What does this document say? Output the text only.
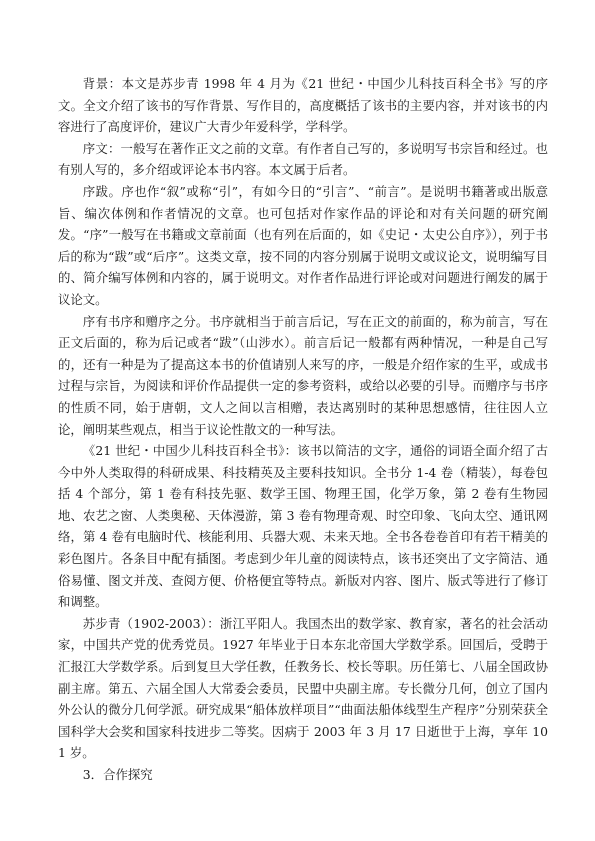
背景：本文是苏步青 1998 年 4 月为《21 世纪・中国少儿科技百科全书》写的序文。全文介绍了该书的写作背景、写作目的，高度概括了该书的主要内容，并对该书的内容进行了高度评价，建议广大青少年爱科学，学科学。

序文：一般写在著作正文之前的文章。有作者自己写的，多说明写书宗旨和经过。也有别人写的，多介绍或评论本书内容。本文属于后者。

序跋。序也作“叙”或称“引”，有如今日的“引言”、“前言”。是说明书籍著或出版意旨、编次体例和作者情况的文章。也可包括对作家作品的评论和对有关问题的研究阐发。“序”一般写在书籍或文章前面（也有列在后面的，如《史记・太史公自序》），列于书后的称为“跋”或“后序”。这类文章，按不同的内容分别属于说明文或议论文，说明编写目的、简介编写体例和内容的，属于说明文。对作者作品进行评论或对问题进行阐发的属于议论文。

序有书序和赠序之分。书序就相当于前言后记，写在正文的前面的，称为前言，写在正文后面的，称为后记或者“跋”（山涉水）。前言后记一般都有两种情况，一种是自己写的，还有一种是为了提高这本书的价值请别人来写的序，一般是介绍作家的生平，或成书过程与宗旨，为阅读和评价作品提供一定的参考资料，或给以必要的引导。而赠序与书序的性质不同，始于唐朝，文人之间以言相赠，表达离别时的某种思想感情，往往因人立论，阐明某些观点，相当于议论性散文的一种写法。

《21 世纪・中国少儿科技百科全书》：该书以简洁的文字，通俗的词语全面介绍了古今中外人类取得的科研成果、科技精英及主要科技知识。全书分 1-4 卷（精装），每卷包括 4 个部分，第 1 卷有科技先驱、数学王国、物理王国，化学万象，第 2 卷有生物园地、农艺之窗、人类奥秘、天体漫游，第 3 卷有物理奇观、时空印象、飞向太空、通讯网络，第 4 卷有电脑时代、核能利用、兵器大观、未来天地。全书各卷卷首印有若干精美的彩色图片。各条目中配有插图。考虑到少年儿童的阅读特点，该书还突出了文字简洁、通俗易懂、图文并茂、查阅方便、价格便宜等特点。新版对内容、图片、版式等进行了修订和调整。

苏步青（1902-2003）：浙江平阳人。我国杰出的数学家、教育家，著名的社会活动家，中国共产党的优秀党员。1927 年毕业于日本东北帝国大学数学系。回国后，受聘于汇报江大学数学系。后到复旦大学任教，任教务长、校长等职。历任第七、八届全国政协副主席。第五、六届全国人大常委会委员，民盟中央副主席。专长微分几何，创立了国内外公认的微分几何学派。研究成果“船体放样项目”“曲面法船体线型生产程序”分别荣获全国科学大会奖和国家科技进步二等奖。因病于 2003 年 3 月 17 日逝世于上海，享年 101 岁。

3．合作探究
